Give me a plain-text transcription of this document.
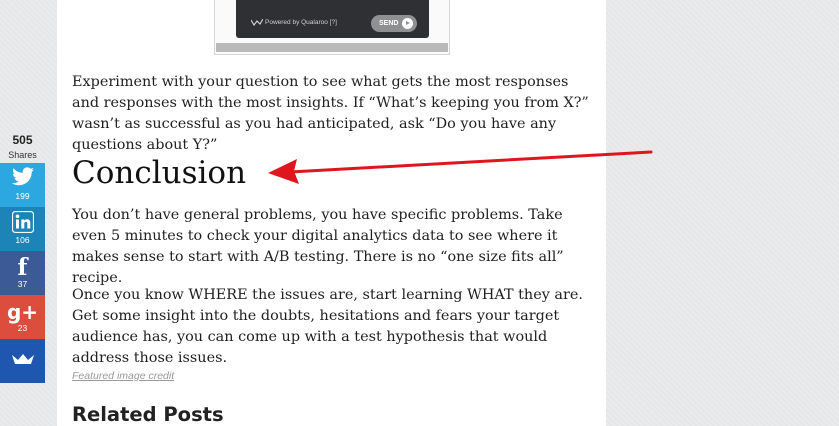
Powered by Qualaroo [?]	SEND

Experiment with your question to see what gets the most responses and responses with the most insights. If “What’s keeping you from X?” wasn’t as successful as you had anticipated, ask “Do you have any questions about Y?”

Conclusion

You don’t have general problems, you have specific problems. Take even 5 minutes to check your digital analytics data to see where it makes sense to start with A/B testing. There is no “one size fits all” recipe.

Once you know WHERE the issues are, start learning WHAT they are. Get some insight into the doubts, hesitations and fears your target audience has, you can come up with a test hypothesis that would address those issues.

Featured image credit
Related Posts
505
Shares
199
106
f
37
g+
23
